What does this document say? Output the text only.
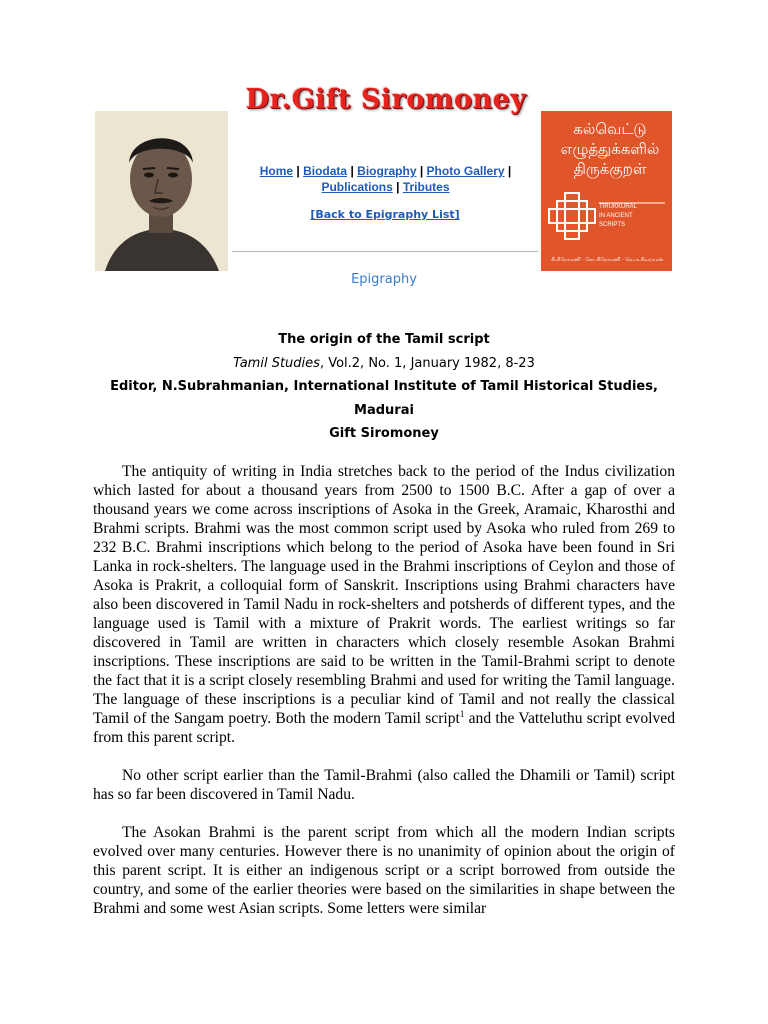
Dr.Gift Siromoney
Home | Biodata | Biography | Photo Gallery | Publications | Tributes
[Back to Epigraphy List]
கல்வெட்டு
எழுத்துக்களில்
திருக்குறள்
TIRUKKURAL
IN ANCIENT
SCRIPTS
கி.சிரோமணி · கோ.சிரோமணி · வெ.சு.சிவராமன்
Epigraphy
The origin of the Tamil script
Tamil Studies, Vol.2, No. 1, January 1982, 8-23
Editor, N.Subrahmanian, International Institute of Tamil Historical Studies,
Madurai
Gift Siromoney

The antiquity of writing in India stretches back to the period of the Indus civilization which lasted for about a thousand years from 2500 to 1500 B.C. After a gap of over a thousand years we come across inscriptions of Asoka in the Greek, Aramaic, Kharosthi and Brahmi scripts. Brahmi was the most common script used by Asoka who ruled from 269 to 232 B.C. Brahmi inscriptions which belong to the period of Asoka have been found in Sri Lanka in rock-shelters. The language used in the Brahmi inscriptions of Ceylon and those of Asoka is Prakrit, a colloquial form of Sanskrit. Inscriptions using Brahmi characters have also been discovered in Tamil Nadu in rock-shelters and potsherds of different types, and the language used is Tamil with a mixture of Prakrit words. The earliest writings so far discovered in Tamil are written in characters which closely resemble Asokan Brahmi inscriptions. These inscriptions are said to be written in the Tamil-Brahmi script to denote the fact that it is a script closely resembling Brahmi and used for writing the Tamil language. The language of these inscriptions is a peculiar kind of Tamil and not really the classical Tamil of the Sangam poetry. Both the modern Tamil script$^1$ and the Vatteluthu script evolved from this parent script.

No other script earlier than the Tamil-Brahmi (also called the Dhamili or Tamil) script has so far been discovered in Tamil Nadu.

The Asokan Brahmi is the parent script from which all the modern Indian scripts evolved over many centuries. However there is no unanimity of opinion about the origin of this parent script. It is either an indigenous script or a script borrowed from outside the country, and some of the earlier theories were based on the similarities in shape between the Brahmi and some west Asian scripts. Some letters were similar
